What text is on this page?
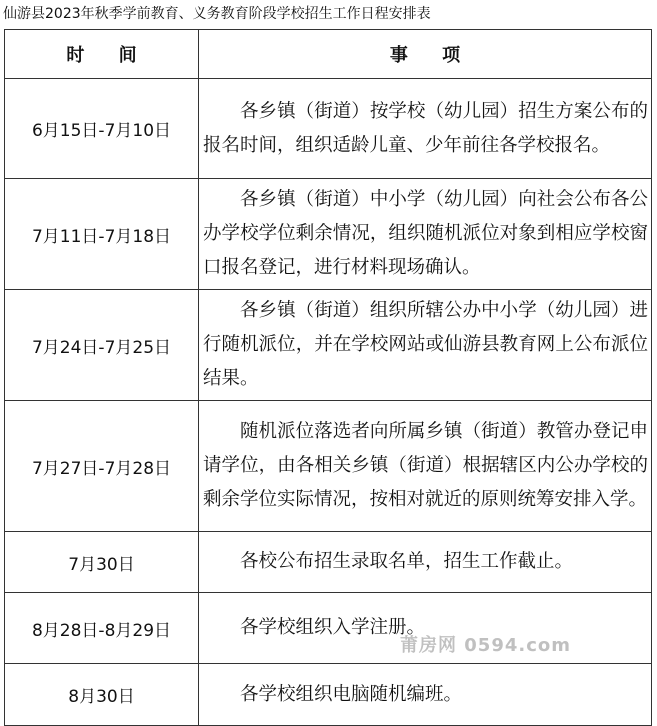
仙游县2023年秋季学前教育、义务教育阶段学校招生工作日程安排表
时 间	事 项
6月15日-7月10日	各乡镇（街道）按学校（幼儿园）招生方案公布的报名时间，组织适龄儿童、少年前往各学校报名。
7月11日-7月18日	各乡镇（街道）中小学（幼儿园）向社会公布各公办学校学位剩余情况，组织随机派位对象到相应学校窗口报名登记，进行材料现场确认。
7月24日-7月25日	各乡镇（街道）组织所辖公办中小学（幼儿园）进行随机派位，并在学校网站或仙游县教育网上公布派位结果。
7月27日-7月28日	随机派位落选者向所属乡镇（街道）教管办登记申请学位，由各相关乡镇（街道）根据辖区内公办学校的剩余学位实际情况，按相对就近的原则统筹安排入学。
7月30日	各校公布招生录取名单，招生工作截止。
8月28日-8月29日	各学校组织入学注册。
8月30日	各学校组织电脑随机编班。
莆房网 0594.com
